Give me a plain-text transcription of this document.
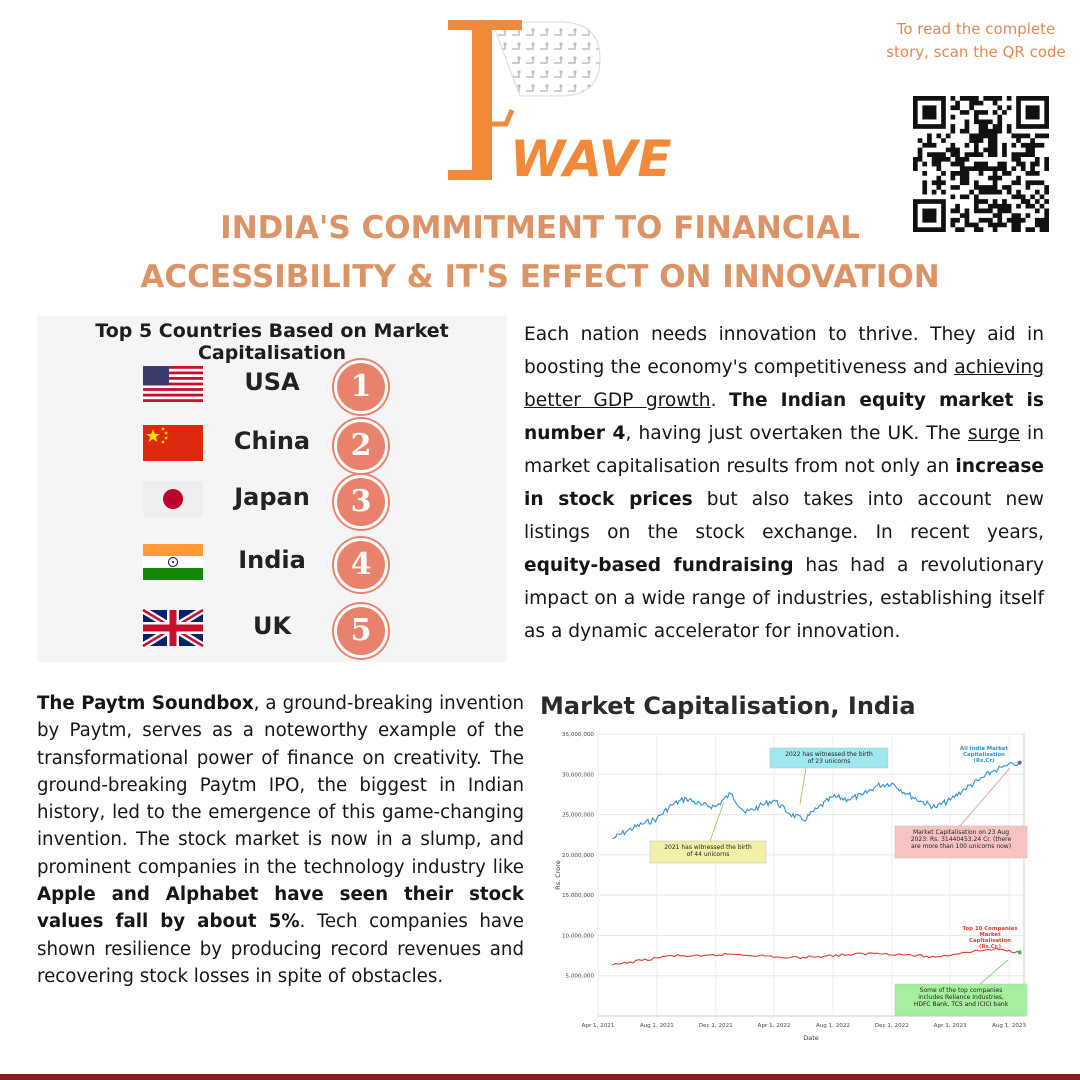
WAVE
To read the complete story, scan the QR code
INDIA'S COMMITMENT TO FINANCIAL
ACCESSIBILITY & IT'S EFFECT ON INNOVATION
Top 5 Countries Based on Market Capitalisation
USA	1
China	2
Japan	3
India	4
UK	5
Each nation needs innovation to thrive. They aid in boosting the economy's competitiveness and achieving better GDP growth. The Indian equity market is number 4, having just overtaken the UK. The surge in market capitalisation results from not only an increase in stock prices but also takes into account new listings on the stock exchange. In recent years, equity-based fundraising has had a revolutionary impact on a wide range of industries, establishing itself as a dynamic accelerator for innovation.
The Paytm Soundbox, a ground-breaking invention by Paytm, serves as a noteworthy example of the transformational power of finance on creativity. The ground-breaking Paytm IPO, the biggest in Indian history, led to the emergence of this game-changing invention. The stock market is now in a slump, and prominent companies in the technology industry like Apple and Alphabet have seen their stock values fall by about 5%. Tech companies have shown resilience by producing record revenues and recovering stock losses in spite of obstacles.
Market Capitalisation, India
5,000,000
10,000,000
15,000,000
20,000,000
25,000,000
30,000,000
35,000,000
Apr 1, 2021	Aug 1, 2021	Dec 1, 2021	Apr 1, 2022	Aug 1, 2022	Dec 1, 2022	Apr 1, 2023	Aug 1, 2023
Date
Rs. Crore
All India Market Capitalisation (Rs.Cr)
Top 10 Companies Market Capitalisation (Rs.Cr.)
2022 has witnessed the birth of 23 unicorns
2021 has witnessed the birth of 44 unicorns
Market Capitalisation on 23 Aug 2023: Rs. 31440453.24 Cr. (there are more than 100 unicorns now)
Some of the top companies includes Reliance Industries, HDFC Bank, TCS and ICICI bank
